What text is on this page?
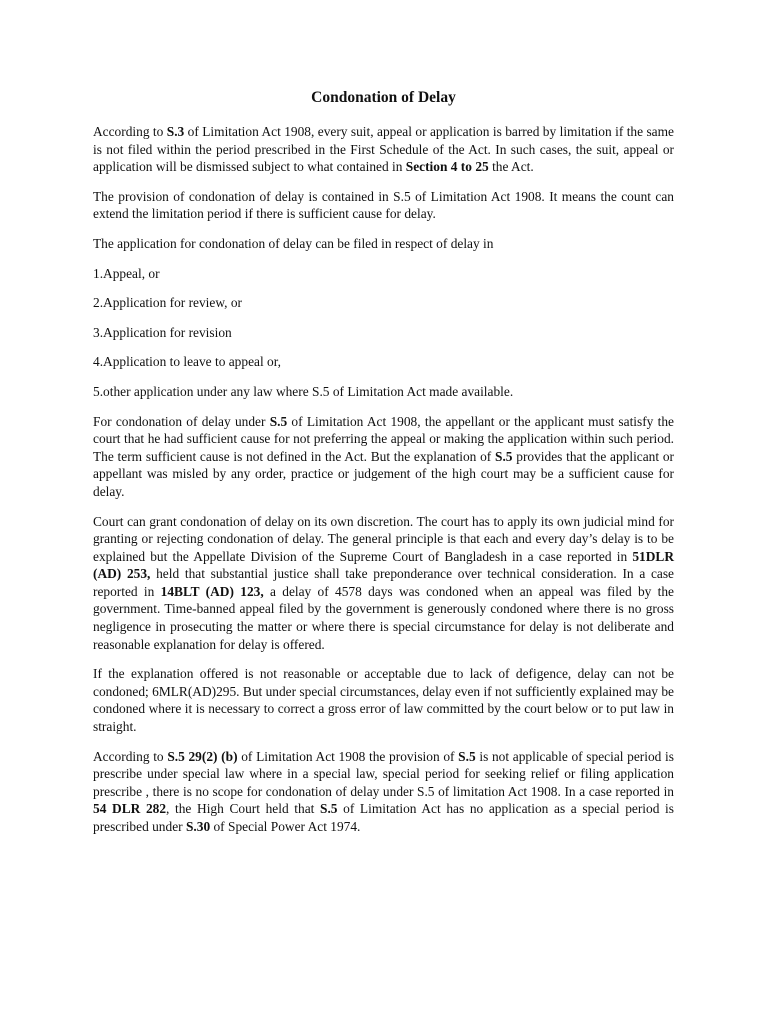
Condonation of Delay
According to S.3 of Limitation Act 1908, every suit, appeal or application is barred by limitation if the same is not filed within the period prescribed in the First Schedule of the Act. In such cases, the suit, appeal or application will be dismissed subject to what contained in Section 4 to 25 the Act.
The provision of condonation of delay is contained in S.5 of Limitation Act 1908. It means the count can extend the limitation period if there is sufficient cause for delay.
The application for condonation of delay can be filed in respect of delay in
1.Appeal, or
2.Application for review, or
3.Application for revision
4.Application to leave to appeal or,
5.other application under any law where S.5 of Limitation Act made available.
For condonation of delay under S.5 of Limitation Act 1908, the appellant or the applicant must satisfy the court that he had sufficient cause for not preferring the appeal or making the application within such period. The term sufficient cause is not defined in the Act. But the explanation of S.5 provides that the applicant or appellant was misled by any order, practice or judgement of the high court may be a sufficient cause for delay.
Court can grant condonation of delay on its own discretion. The court has to apply its own judicial mind for granting or rejecting condonation of delay. The general principle is that each and every day’s delay is to be explained but the Appellate Division of the Supreme Court of Bangladesh in a case reported in 51DLR (AD) 253, held that substantial justice shall take preponderance over technical consideration. In a case reported in 14BLT (AD) 123, a delay of 4578 days was condoned when an appeal was filed by the government. Time-banned appeal filed by the government is generously condoned where there is no gross negligence in prosecuting the matter or where there is special circumstance for delay is not deliberate and reasonable explanation for delay is offered.
If the explanation offered is not reasonable or acceptable due to lack of defigence, delay can not be condoned; 6MLR(AD)295. But under special circumstances, delay even if not sufficiently explained may be condoned where it is necessary to correct a gross error of law committed by the court below or to put law in straight.
According to S.5 29(2) (b) of Limitation Act 1908 the provision of S.5 is not applicable of special period is prescribe under special law where in a special law, special period for seeking relief or filing application prescribe , there is no scope for condonation of delay under S.5 of limitation Act 1908. In a case reported in 54 DLR 282, the High Court held that S.5 of Limitation Act has no application as a special period is prescribed under S.30 of Special Power Act 1974.
